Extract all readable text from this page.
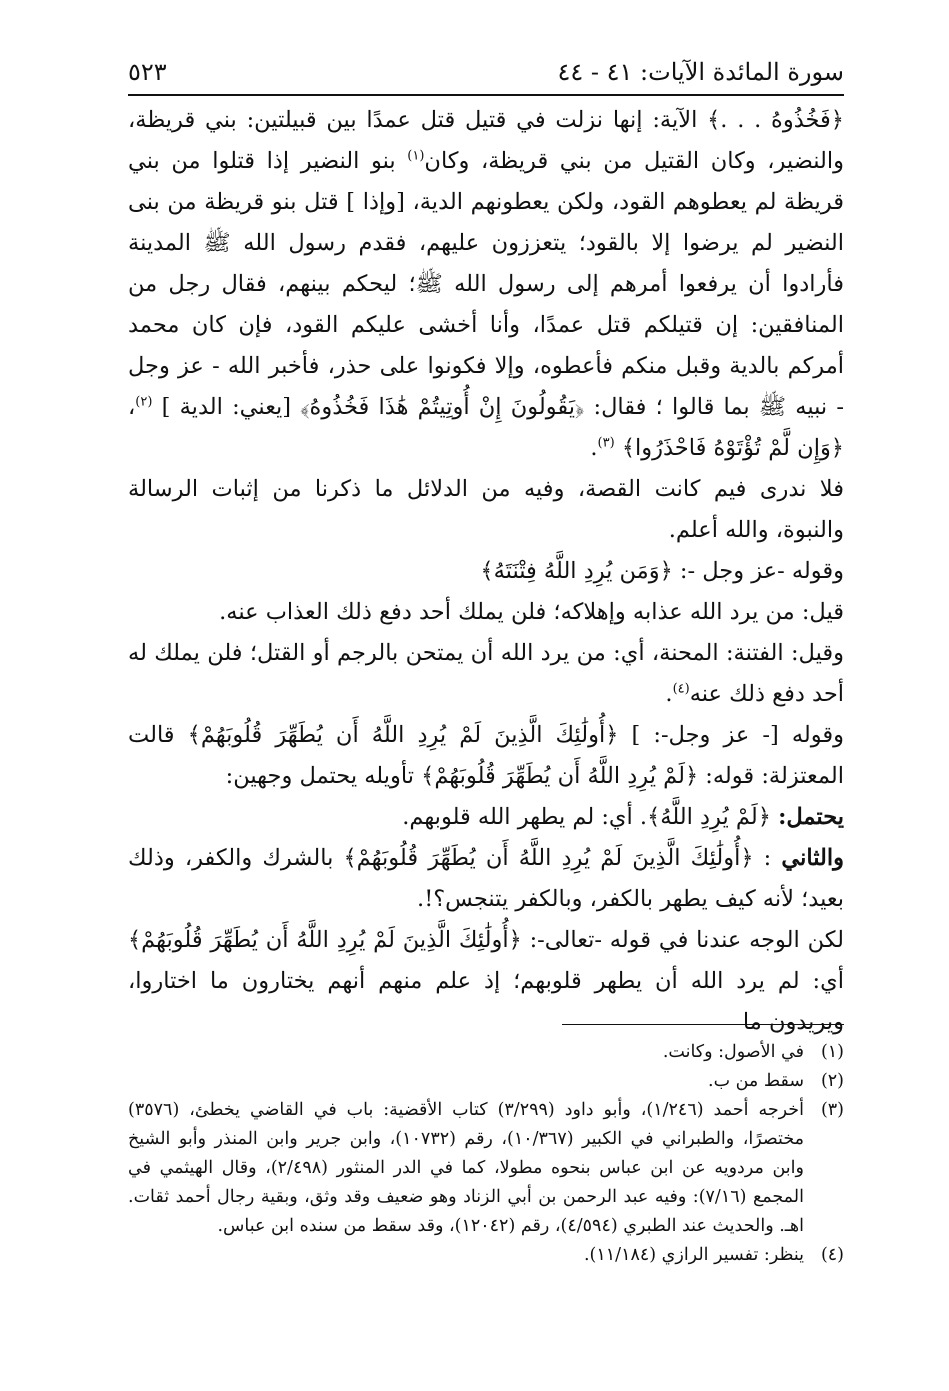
سورة المائدة الآيات: ٤١ - ٤٤
٥٢٣

﴿فَخُذُوهُ . . .﴾ الآية: إنها نزلت في قتيل قتل عمدًا بين قبيلتين: بني قريظة، والنضير، وكان القتيل من بني قريظة، وكان$^{(١)}$ بنو النضير إذا قتلوا من بني قريظة لم يعطوهم القود، ولكن يعطونهم الدية، [وإذا ] قتل بنو قريظة من بنى النضير لم يرضوا إلا بالقود؛ يتعززون عليهم، فقدم رسول الله ﷺ المدينة فأرادوا أن يرفعوا أمرهم إلى رسول الله ﷺ؛ ليحكم بينهم، فقال رجل من المنافقين: إن قتيلكم قتل عمدًا، وأنا أخشى عليكم القود، فإن كان محمد أمركم بالدية وقبل منكم فأعطوه، وإلا فكونوا على حذر، فأخبر الله - عز وجل - نبيه ﷺ بما قالوا ؛ فقال: ﴿يَقُولُونَ إِنْ أُوتِيتُمْ هَٰذَا فَخُذُوهُ﴾ [يعني: الدية ] $^{(٢)}$، ﴿وَإِن لَّمْ تُؤْتَوْهُ فَاحْذَرُوا﴾ $^{(٣)}$.

فلا ندرى فيم كانت القصة، وفيه من الدلائل ما ذكرنا من إثبات الرسالة والنبوة، والله أعلم.

وقوله -عز وجل -: ﴿وَمَن يُرِدِ اللَّهُ فِتْنَتَهُ﴾

قيل: من يرد الله عذابه وإهلاكه؛ فلن يملك أحد دفع ذلك العذاب عنه.

وقيل: الفتنة: المحنة، أي: من يرد الله أن يمتحن بالرجم أو القتل؛ فلن يملك له أحد دفع ذلك عنه$^{(٤)}$.

وقوله [- عز وجل-: ] ﴿أُولَٰئِكَ الَّذِينَ لَمْ يُرِدِ اللَّهُ أَن يُطَهِّرَ قُلُوبَهُمْ﴾ قالت المعتزلة: قوله: ﴿لَمْ يُرِدِ اللَّهُ أَن يُطَهِّرَ قُلُوبَهُمْ﴾ تأويله يحتمل وجهين:

يحتمل: ﴿لَمْ يُرِدِ اللَّهُ﴾. أي: لم يطهر الله قلوبهم.

والثاني : ﴿أُولَٰئِكَ الَّذِينَ لَمْ يُرِدِ اللَّهُ أَن يُطَهِّرَ قُلُوبَهُمْ﴾ بالشرك والكفر، وذلك بعيد؛ لأنه كيف يطهر بالكفر، وبالكفر يتنجس؟!.

لكن الوجه عندنا في قوله -تعالى-: ﴿أُولَٰئِكَ الَّذِينَ لَمْ يُرِدِ اللَّهُ أَن يُطَهِّرَ قُلُوبَهُمْ﴾ أي: لم يرد الله أن يطهر قلوبهم؛ إذ علم منهم أنهم يختارون ما اختاروا، ويريدون ما

(١)
في الأصول: وكانت.
(٢)
سقط من ب.
(٣)
أخرجه أحمد (١/٢٤٦)، وأبو داود (٣/٢٩٩) كتاب الأقضية: باب في القاضي يخطئ، (٣٥٧٦) مختصرًا، والطبراني في الكبير (١٠/٣٦٧)، رقم (١٠٧٣٢)، وابن جرير وابن المنذر وأبو الشيخ وابن مردويه عن ابن عباس بنحوه مطولا، كما في الدر المنثور (٢/٤٩٨)، وقال الهيثمي في المجمع (٧/١٦): وفيه عبد الرحمن بن أبي الزناد وهو ضعيف وقد وثق، وبقية رجال أحمد ثقات. اهـ. والحديث عند الطبري (٤/٥٩٤)، رقم (١٢٠٤٢)، وقد سقط من سنده ابن عباس.
(٤)
ينظر: تفسير الرازي (١١/١٨٤).
